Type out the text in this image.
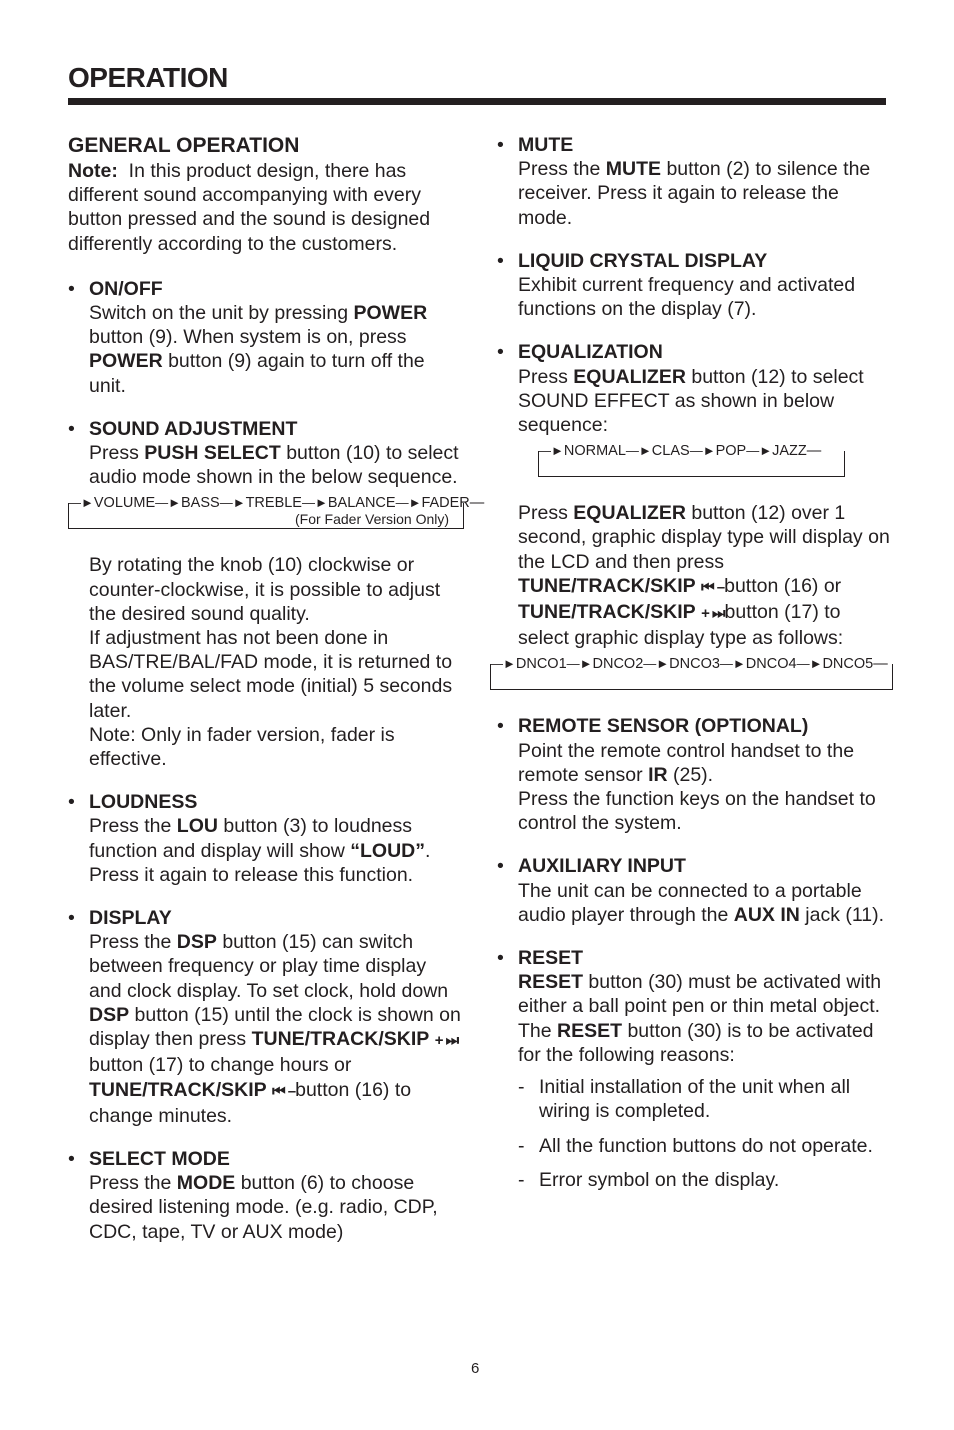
OPERATION

GENERAL OPERATION

Note: In this product design, there has different sound accompanying with every button pressed and the sound is designed differently according to the customers.

• ON/OFF

Switch on the unit by pressing POWER button (9). When system is on, press POWER button (9) again to turn off the unit.

• SOUND ADJUSTMENT

Press PUSH SELECT button (10) to select audio mode shown in the below sequence.

—►VOLUME—►BASS—►TREBLE—►BALANCE—►FADER—
(For Fader Version Only)

By rotating the knob (10) clockwise or counter-clockwise, it is possible to adjust the desired sound quality.

If adjustment has not been done in BAS/TRE/BAL/FAD mode, it is returned to the volume select mode (initial) 5 seconds later.

Note: Only in fader version, fader is effective.

• LOUDNESS

Press the LOU button (3) to loudness function and display will show “LOUD”.

Press it again to release this function.

• DISPLAY

Press the DSP button (15) can switch between frequency or play time display and clock display. To set clock, hold down DSP button (15) until the clock is shown on display then press TUNE/TRACK/SKIP + ⏭ button (17) to change hours or TUNE/TRACK/SKIP ⏮ –button (16) to change minutes.

• SELECT MODE

Press the MODE button (6) to choose desired listening mode. (e.g. radio, CDP, CDC, tape, TV or AUX mode)

• MUTE

Press the MUTE button (2) to silence the receiver. Press it again to release the mode.

• LIQUID CRYSTAL DISPLAY

Exhibit current frequency and activated functions on the display (7).

• EQUALIZATION

Press EQUALIZER button (12) to select SOUND EFFECT as shown in below sequence:

—►NORMAL—►CLAS—►POP—►JAZZ—

Press EQUALIZER button (12) over 1 second, graphic display type will display on the LCD and then press TUNE/TRACK/SKIP ⏮ –button (16) or TUNE/TRACK/SKIP + ⏭button (17) to select graphic display type as follows:

—►DNCO1—►DNCO2—►DNCO3—►DNCO4—►DNCO5—
• REMOTE SENSOR (OPTIONAL)

Point the remote control handset to the remote sensor IR (25).

Press the function keys on the handset to control the system.

• AUXILIARY INPUT

The unit can be connected to a portable audio player through the AUX IN jack (11).

• RESET

RESET button (30) must be activated with either a ball point pen or thin metal object. The RESET button (30) is to be activated for the following reasons:

- Initial installation of the unit when all wiring is completed.
- All the function buttons do not operate.
- Error symbol on the display.
6
